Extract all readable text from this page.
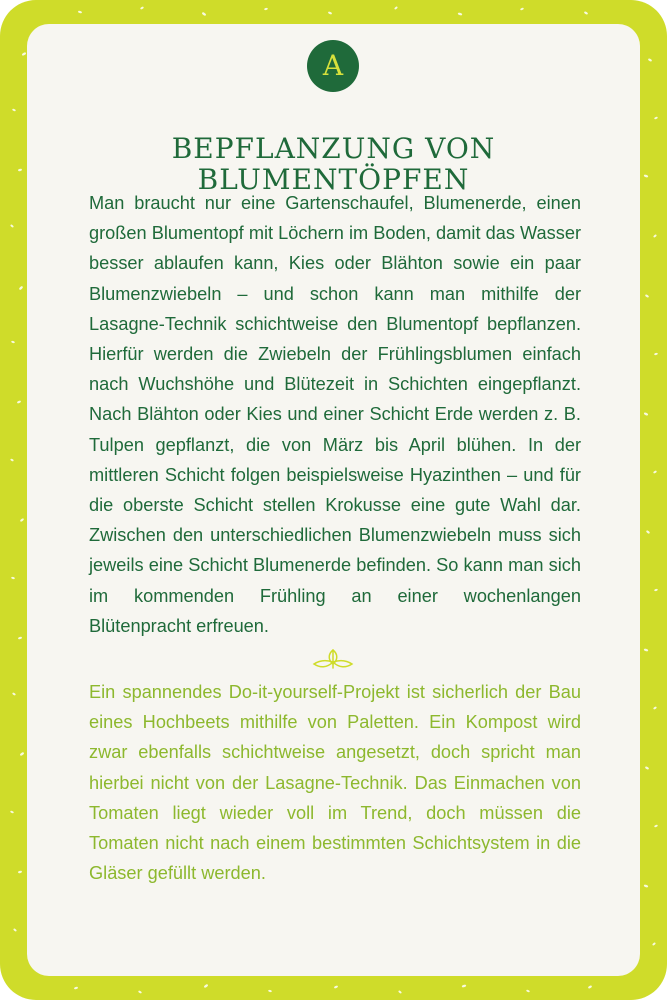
A
BEPFLANZUNG VON BLUMENTÖPFEN

Man braucht nur eine Gartenschaufel, Blumenerde, einen großen Blumentopf mit Löchern im Boden, damit das Wasser besser ablaufen kann, Kies oder Blähton sowie ein paar Blumenzwiebeln – und schon kann man mithilfe der Lasagne-Technik schichtweise den Blumentopf bepflanzen. Hierfür werden die Zwiebeln der Frühlingsblumen einfach nach Wuchshöhe und Blütezeit in Schichten eingepflanzt. Nach Blähton oder Kies und einer Schicht Erde werden z. B. Tulpen gepflanzt, die von März bis April blühen. In der mittleren Schicht folgen beispielsweise Hyazinthen – und für die oberste Schicht stellen Krokusse eine gute Wahl dar. Zwischen den unterschiedlichen Blumenzwiebeln muss sich jeweils eine Schicht Blumenerde befinden. So kann man sich im kommenden Frühling an einer wochenlangen Blütenpracht erfreuen.

Ein spannendes Do-it-yourself-Projekt ist sicherlich der Bau eines Hochbeets mithilfe von Paletten. Ein Kompost wird zwar ebenfalls schichtweise angesetzt, doch spricht man hierbei nicht von der Lasagne-Technik. Das Einmachen von Tomaten liegt wieder voll im Trend, doch müssen die Tomaten nicht nach einem bestimmten Schichtsystem in die Gläser gefüllt werden.
